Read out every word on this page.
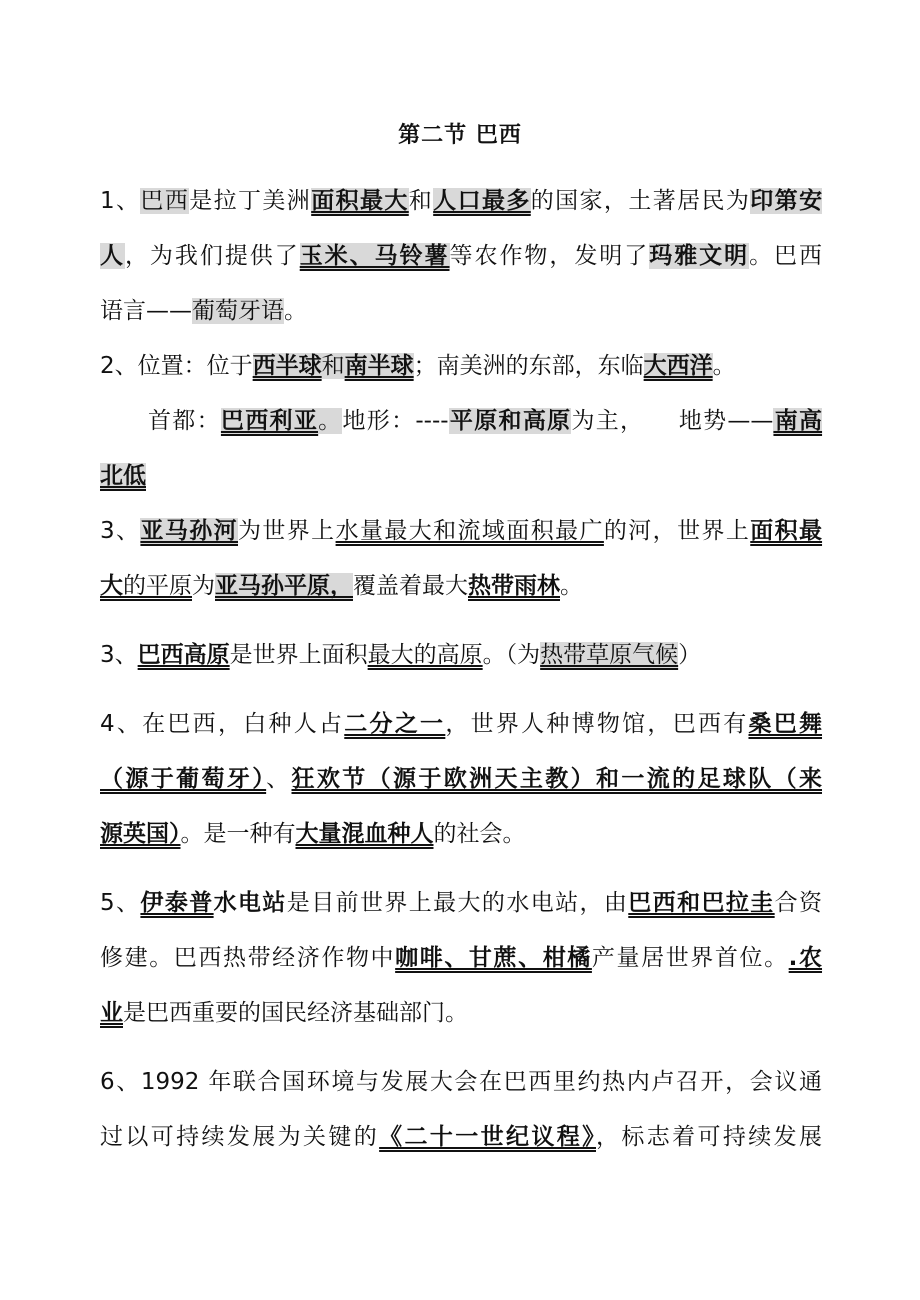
第二节 巴西
1、巴西是拉丁美洲面积最大和人口最多的国家，土著居民为印第安
人，为我们提供了玉米、马铃薯等农作物，发明了玛雅文明。巴西
语言——葡萄牙语。
2、位置：位于西半球和南半球；南美洲的东部，东临大西洋。
首都：巴西利亚。地形：----平原和高原为主，    地势——南高
北低
3、亚马孙河为世界上水量最大和流域面积最广的河，世界上面积最
大的平原为亚马孙平原，覆盖着最大热带雨林。
3、巴西高原是世界上面积最大的高原。（为热带草原气候）
4、在巴西，白种人占二分之一，世界人种博物馆，巴西有桑巴舞
（源于葡萄牙）、狂欢节（源于欧洲天主教）和一流的足球队（来
源英国）。是一种有大量混血种人的社会。
5、伊泰普水电站是目前世界上最大的水电站，由巴西和巴拉圭合资
修建。巴西热带经济作物中咖啡、甘蔗、柑橘产量居世界首位。.农
业是巴西重要的国民经济基础部门。
6、1992 年联合国环境与发展大会在巴西里约热内卢召开，会议通
过以可持续发展为关键的《二十一世纪议程》，标志着可持续发展
